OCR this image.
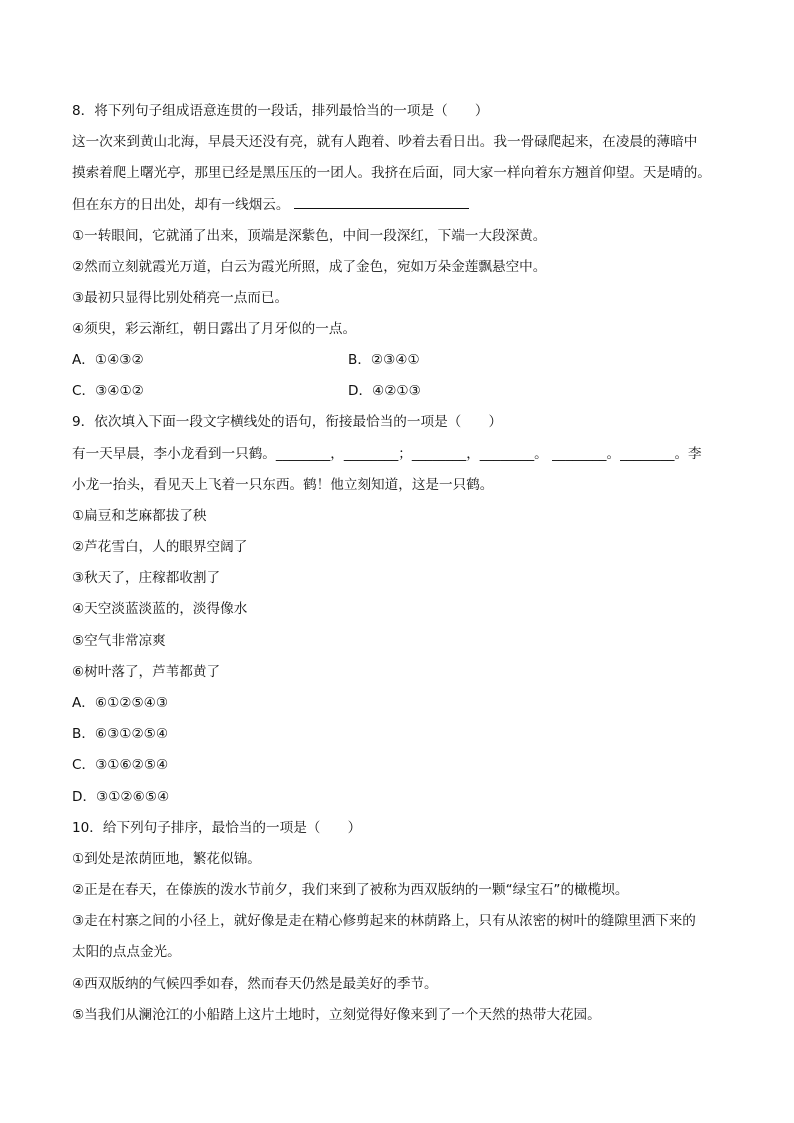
8．将下列句子组成语意连贯的一段话，排列最恰当的一项是（　　）
这一次来到黄山北海，早晨天还没有亮，就有人跑着、吵着去看日出。我一骨碌爬起来，在凌晨的薄暗中
摸索着爬上曙光亭，那里已经是黑压压的一团人。我挤在后面，同大家一样向着东方翘首仰望。天是晴的。
但在东方的日出处，却有一线烟云。
①一转眼间，它就涌了出来，顶端是深紫色，中间一段深红，下端一大段深黄。
②然而立刻就霞光万道，白云为霞光所照，成了金色，宛如万朵金莲飘悬空中。
③最初只显得比别处稍亮一点而已。
④须臾，彩云渐红，朝日露出了月牙似的一点。
A．①④③②	B．②③④①
C．③④①②	D．④②①③
9．依次填入下面一段文字横线处的语句，衔接最恰当的一项是（　　）
有一天早晨，李小龙看到一只鹤。________，________；________，________。 ________。________。李
小龙一抬头，看见天上飞着一只东西。鹤！他立刻知道，这是一只鹤。
①扁豆和芝麻都拔了秧
②芦花雪白，人的眼界空阔了
③秋天了，庄稼都收割了
④天空淡蓝淡蓝的，淡得像水
⑤空气非常凉爽
⑥树叶落了，芦苇都黄了
A．⑥①②⑤④③
B．⑥③①②⑤④
C．③①⑥②⑤④
D．③①②⑥⑤④
10．给下列句子排序，最恰当的一项是（　　）
①到处是浓荫匝地，繁花似锦。
②正是在春天，在傣族的泼水节前夕，我们来到了被称为西双版纳的一颗“绿宝石”的橄榄坝。
③走在村寨之间的小径上，就好像是走在精心修剪起来的林荫路上，只有从浓密的树叶的缝隙里洒下来的
太阳的点点金光。
④西双版纳的气候四季如春，然而春天仍然是最美好的季节。
⑤当我们从澜沧江的小船踏上这片土地时，立刻觉得好像来到了一个天然的热带大花园。
